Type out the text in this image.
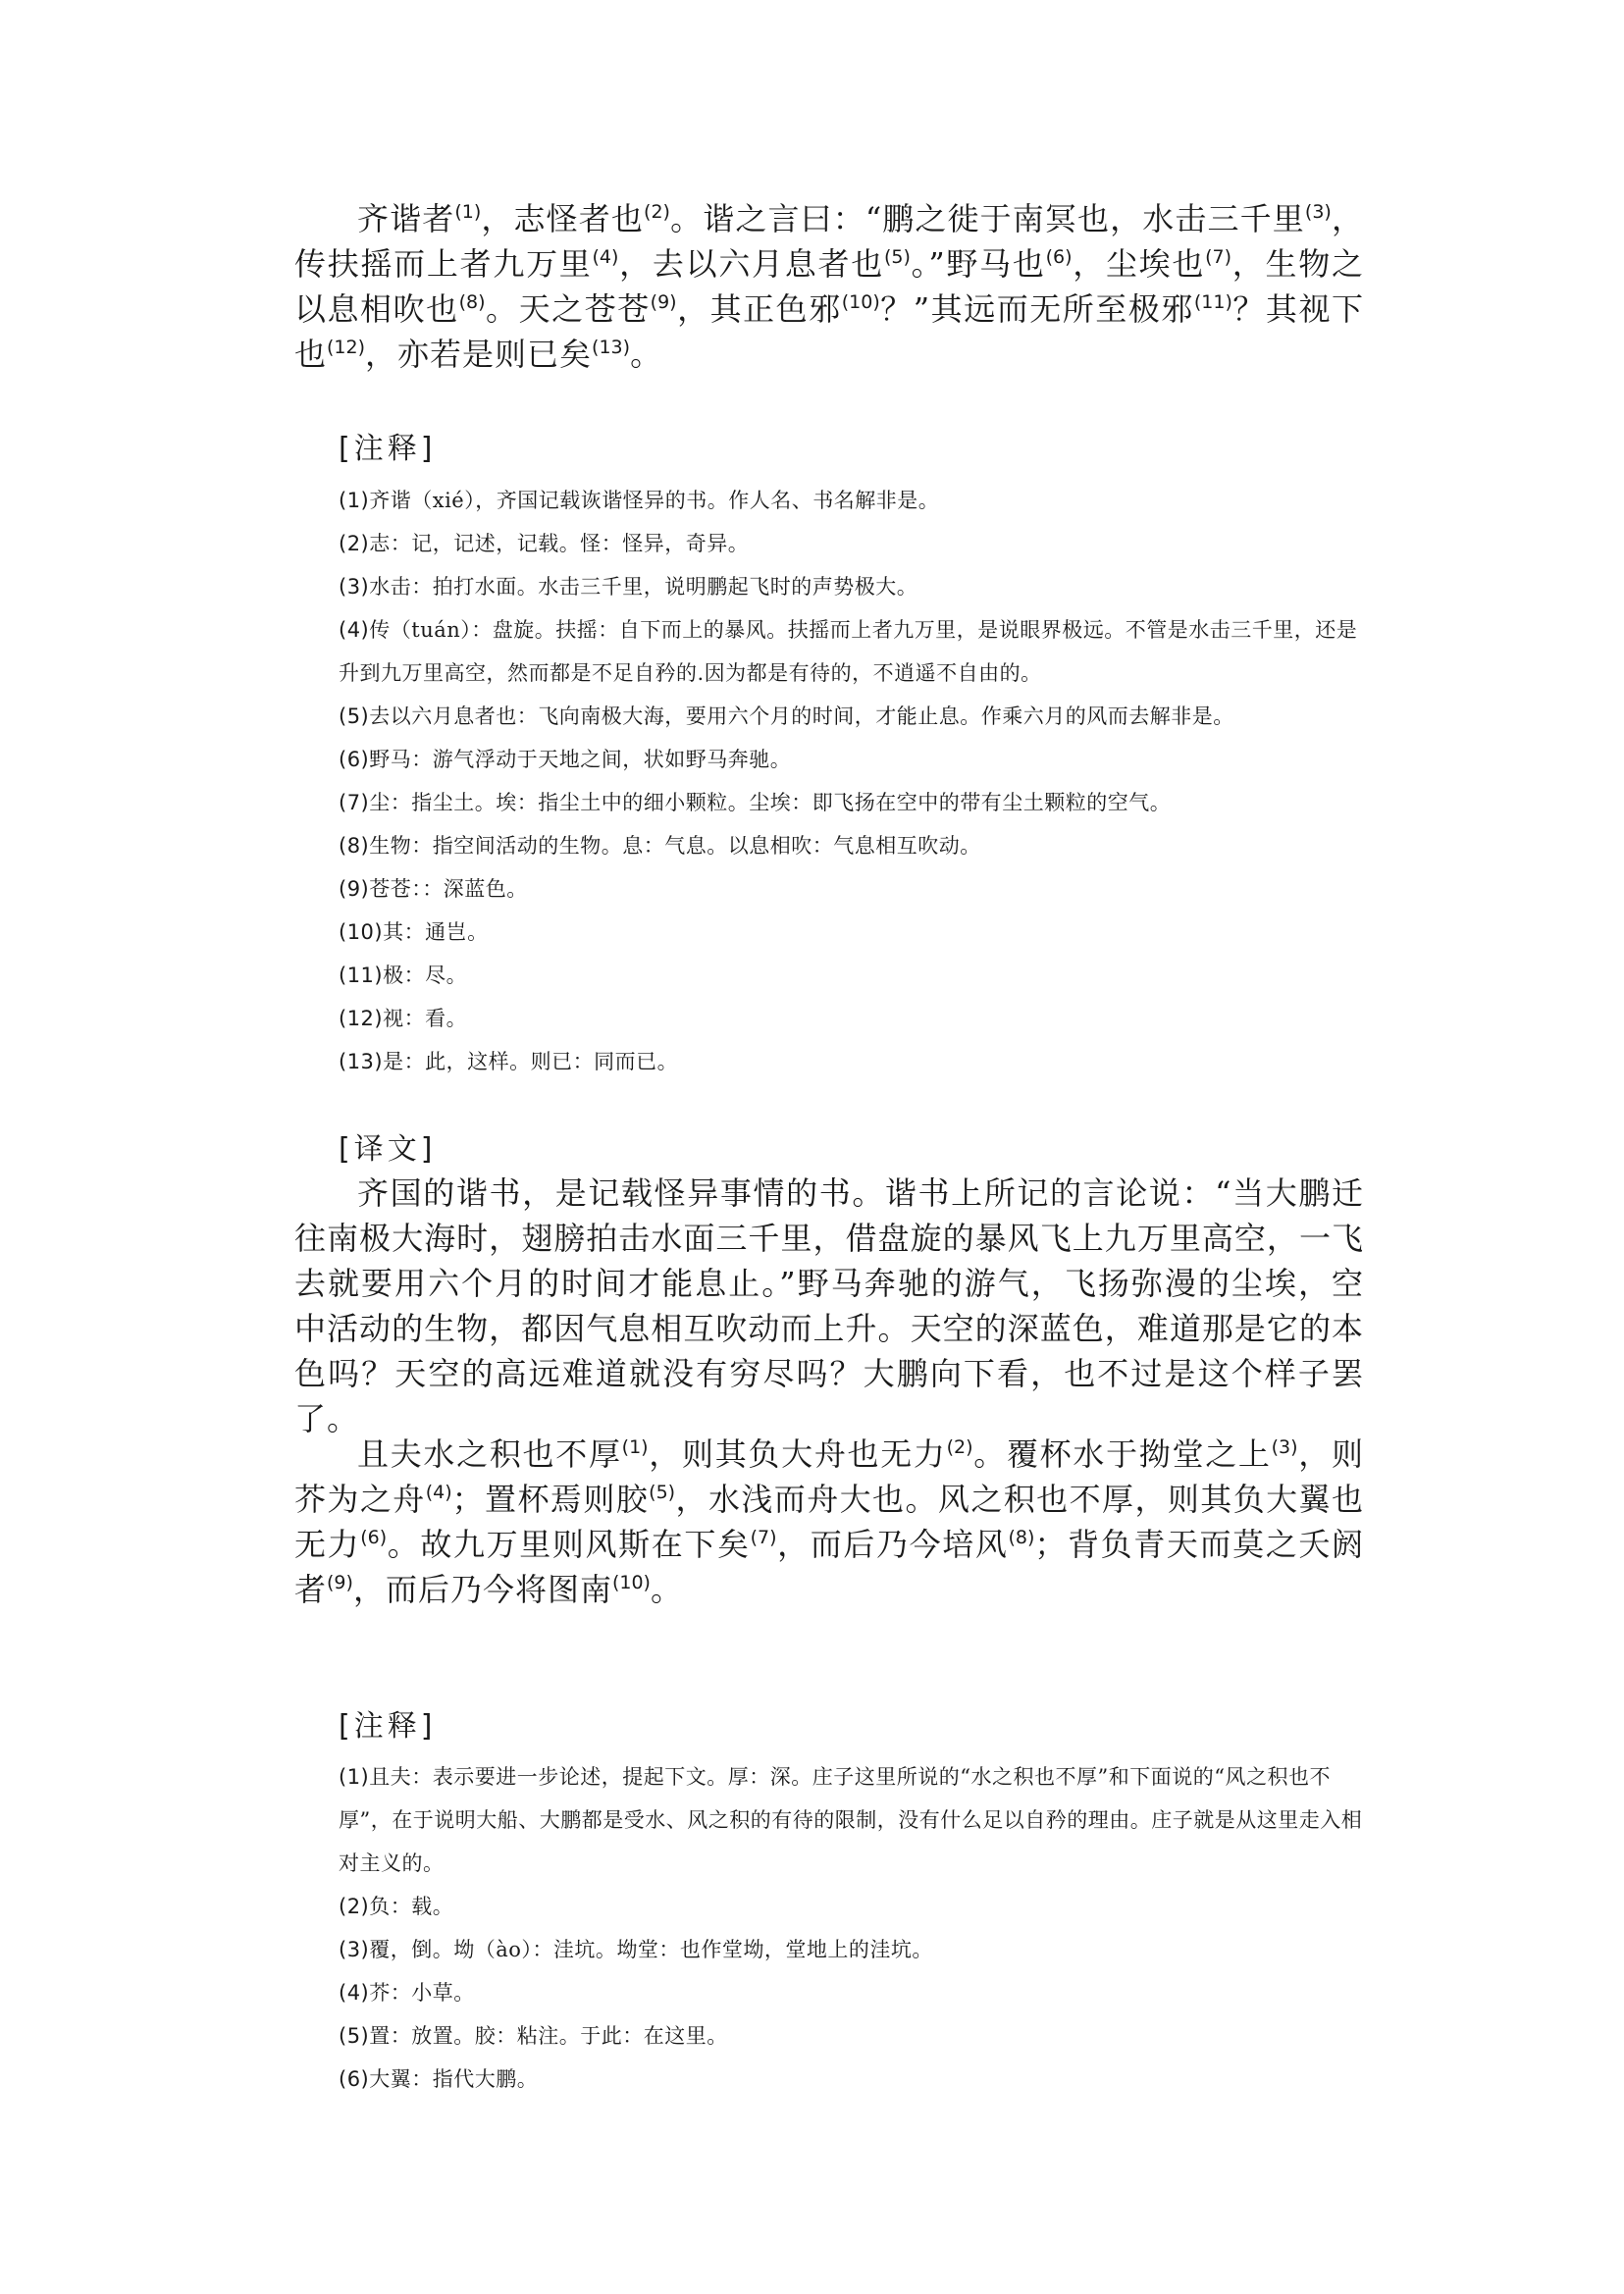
齐谐者$^{(1)}$，志怪者也$^{(2)}$。谐之言曰：“鹏之徙于南冥也，水击三千里$^{(3)}$，传扶摇而上者九万里$^{(4)}$，去以六月息者也$^{(5)}$。”野马也$^{(6)}$，尘埃也$^{(7)}$，生物之以息相吹也$^{(8)}$。天之苍苍$^{(9)}$，其正色邪$^{(10)}$？”其远而无所至极邪$^{(11)}$？其视下也$^{(12)}$，亦若是则已矣$^{(13)}$。

[注释]
(1)齐谐（xié），齐国记载诙谐怪异的书。作人名、书名解非是。
(2)志：记，记述，记载。怪：怪异，奇异。
(3)水击：拍打水面。水击三千里，说明鹏起飞时的声势极大。
(4)传（tuán）：盘旋。扶摇：自下而上的暴风。扶摇而上者九万里，是说眼界极远。不管是水击三千里，还是升到九万里高空，然而都是不足自矜的.因为都是有待的，不逍遥不自由的。
(5)去以六月息者也：飞向南极大海，要用六个月的时间，才能止息。作乘六月的风而去解非是。
(6)野马：游气浮动于天地之间，状如野马奔驰。
(7)尘：指尘土。埃：指尘土中的细小颗粒。尘埃：即飞扬在空中的带有尘土颗粒的空气。
(8)生物：指空间活动的生物。息：气息。以息相吹：气息相互吹动。
(9)苍苍：：深蓝色。
(10)其：通岂。
(11)极：尽。
(12)视：看。
(13)是：此，这样。则已：同而已。
[译文]

齐国的谐书，是记载怪异事情的书。谐书上所记的言论说：“当大鹏迁往南极大海时，翅膀拍击水面三千里，借盘旋的暴风飞上九万里高空，一飞去就要用六个月的时间才能息止。”野马奔驰的游气，飞扬弥漫的尘埃，空中活动的生物，都因气息相互吹动而上升。天空的深蓝色，难道那是它的本色吗？天空的高远难道就没有穷尽吗？大鹏向下看，也不过是这个样子罢了。

且夫水之积也不厚$^{(1)}$，则其负大舟也无力$^{(2)}$。覆杯水于拗堂之上$^{(3)}$，则芥为之舟$^{(4)}$；置杯焉则胶$^{(5)}$，水浅而舟大也。风之积也不厚，则其负大翼也无力$^{(6)}$。故九万里则风斯在下矣$^{(7)}$，而后乃今培风$^{(8)}$；背负青天而莫之夭阏者$^{(9)}$，而后乃今将图南$^{(10)}$。

[注释]
(1)且夫：表示要进一步论述，提起下文。厚：深。庄子这里所说的“水之积也不厚”和下面说的“风之积也不厚”，在于说明大船、大鹏都是受水、风之积的有待的限制，没有什么足以自矜的理由。庄子就是从这里走入相对主义的。
(2)负：载。
(3)覆，倒。坳（ào）：洼坑。坳堂：也作堂坳，堂地上的洼坑。
(4)芥：小草。
(5)置：放置。胶：粘注。于此：在这里。
(6)大翼：指代大鹏。
